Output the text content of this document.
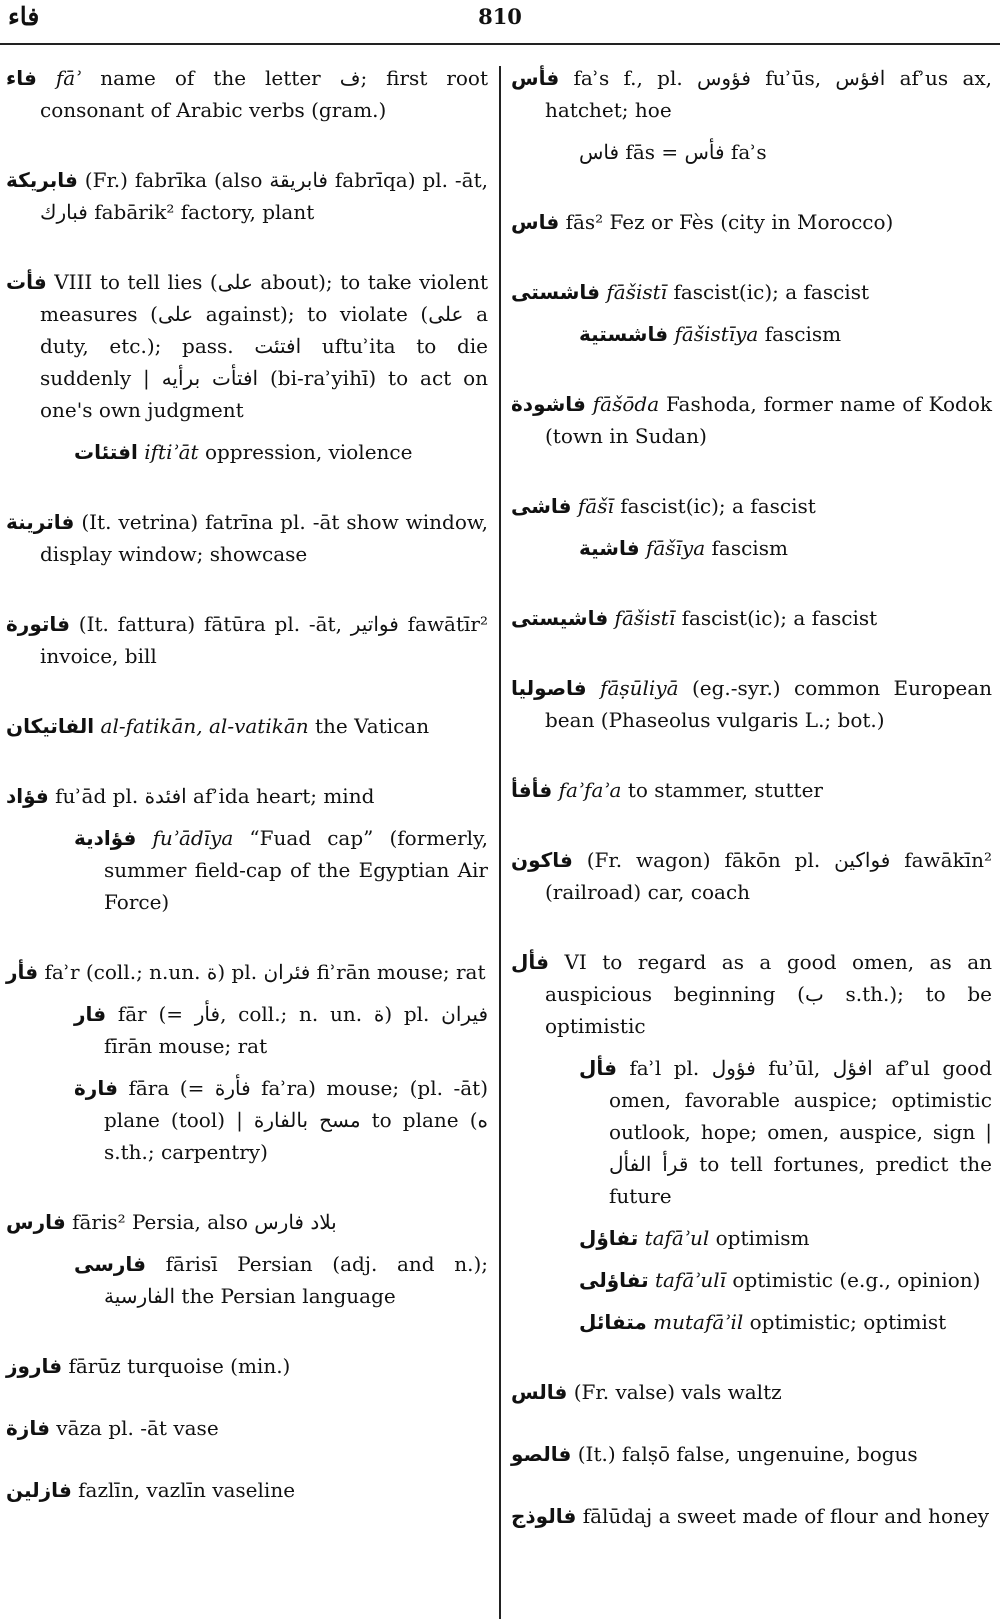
فاء	810
فاء fāʾ name of the letter ف; first root consonant of Arabic verbs (gram.)
فابريكة (Fr.) fabrīka (also فابريقة fabrīqa) pl. -āt, فبارك fabārik² factory, plant
فأت VIII to tell lies (على about); to take violent measures (على against); to violate (على a duty, etc.); pass. افتئت uftuʾita to die suddenly | افتأت برأيه (bi-raʾyihī) to act on one's own judgment
افتئات iftiʾāt oppression, violence
فاترينة (It. vetrina) fatrīna pl. -āt show window, display window; showcase
فاتورة (It. fattura) fātūra pl. -āt, فواتير fawātīr² invoice, bill
الفاتيكان al-fatikān, al-vatikān the Vatican
فؤاد fuʾād pl. افئدة afʾida heart; mind
فؤادية fuʾādīya “Fuad cap” (formerly, summer field-cap of the Egyptian Air Force)
فأر faʾr (coll.; n.un. ة) pl. فئران fiʾrān mouse; rat
فار fār (= فأر, coll.; n. un. ة) pl. فيران fīrān mouse; rat
فارة fāra (= فأرة faʾra) mouse; (pl. -āt) plane (tool) | مسح بالفارة to plane (ه s.th.; carpentry)
فارس fāris² Persia, also بلاد فارس
فارسى fārisī Persian (adj. and n.); الفارسية the Persian language
فاروز fārūz turquoise (min.)
فازة vāza pl. -āt vase
فازلين fazlīn, vazlīn vaseline
فأس faʾs f., pl. فؤوس fuʾūs, افؤس afʾus ax, hatchet; hoe
فاس fās = فأس faʾs
فاس fās² Fez or Fès (city in Morocco)
فاشستى fāšistī fascist(ic); a fascist
فاشستية fāšistīya fascism
فاشودة fāšōda Fashoda, former name of Kodok (town in Sudan)
فاشى fāšī fascist(ic); a fascist
فاشية fāšīya fascism
فاشيستى fāšistī fascist(ic); a fascist
فاصوليا fāṣūliyā (eg.-syr.) common European bean (Phaseolus vulgaris L.; bot.)
فأفأ faʾfaʾa to stammer, stutter
فاكون (Fr. wagon) fākōn pl. فواكين fawākīn² (railroad) car, coach
فأل VI to regard as a good omen, as an auspicious beginning (ب s.th.); to be optimistic
فأل faʾl pl. فؤول fuʾūl, افؤل afʾul good omen, favorable auspice; optimistic outlook, hope; omen, auspice, sign | قرأ الفأل to tell fortunes, predict the future
تفاؤل tafāʾul optimism
تفاؤلى tafāʾulī optimistic (e.g., opinion)
متفائل mutafāʾil optimistic; optimist
فالس (Fr. valse) vals waltz
فالصو (It.) falṣō false, ungenuine, bogus
فالوذج fālūdaj a sweet made of flour and honey
